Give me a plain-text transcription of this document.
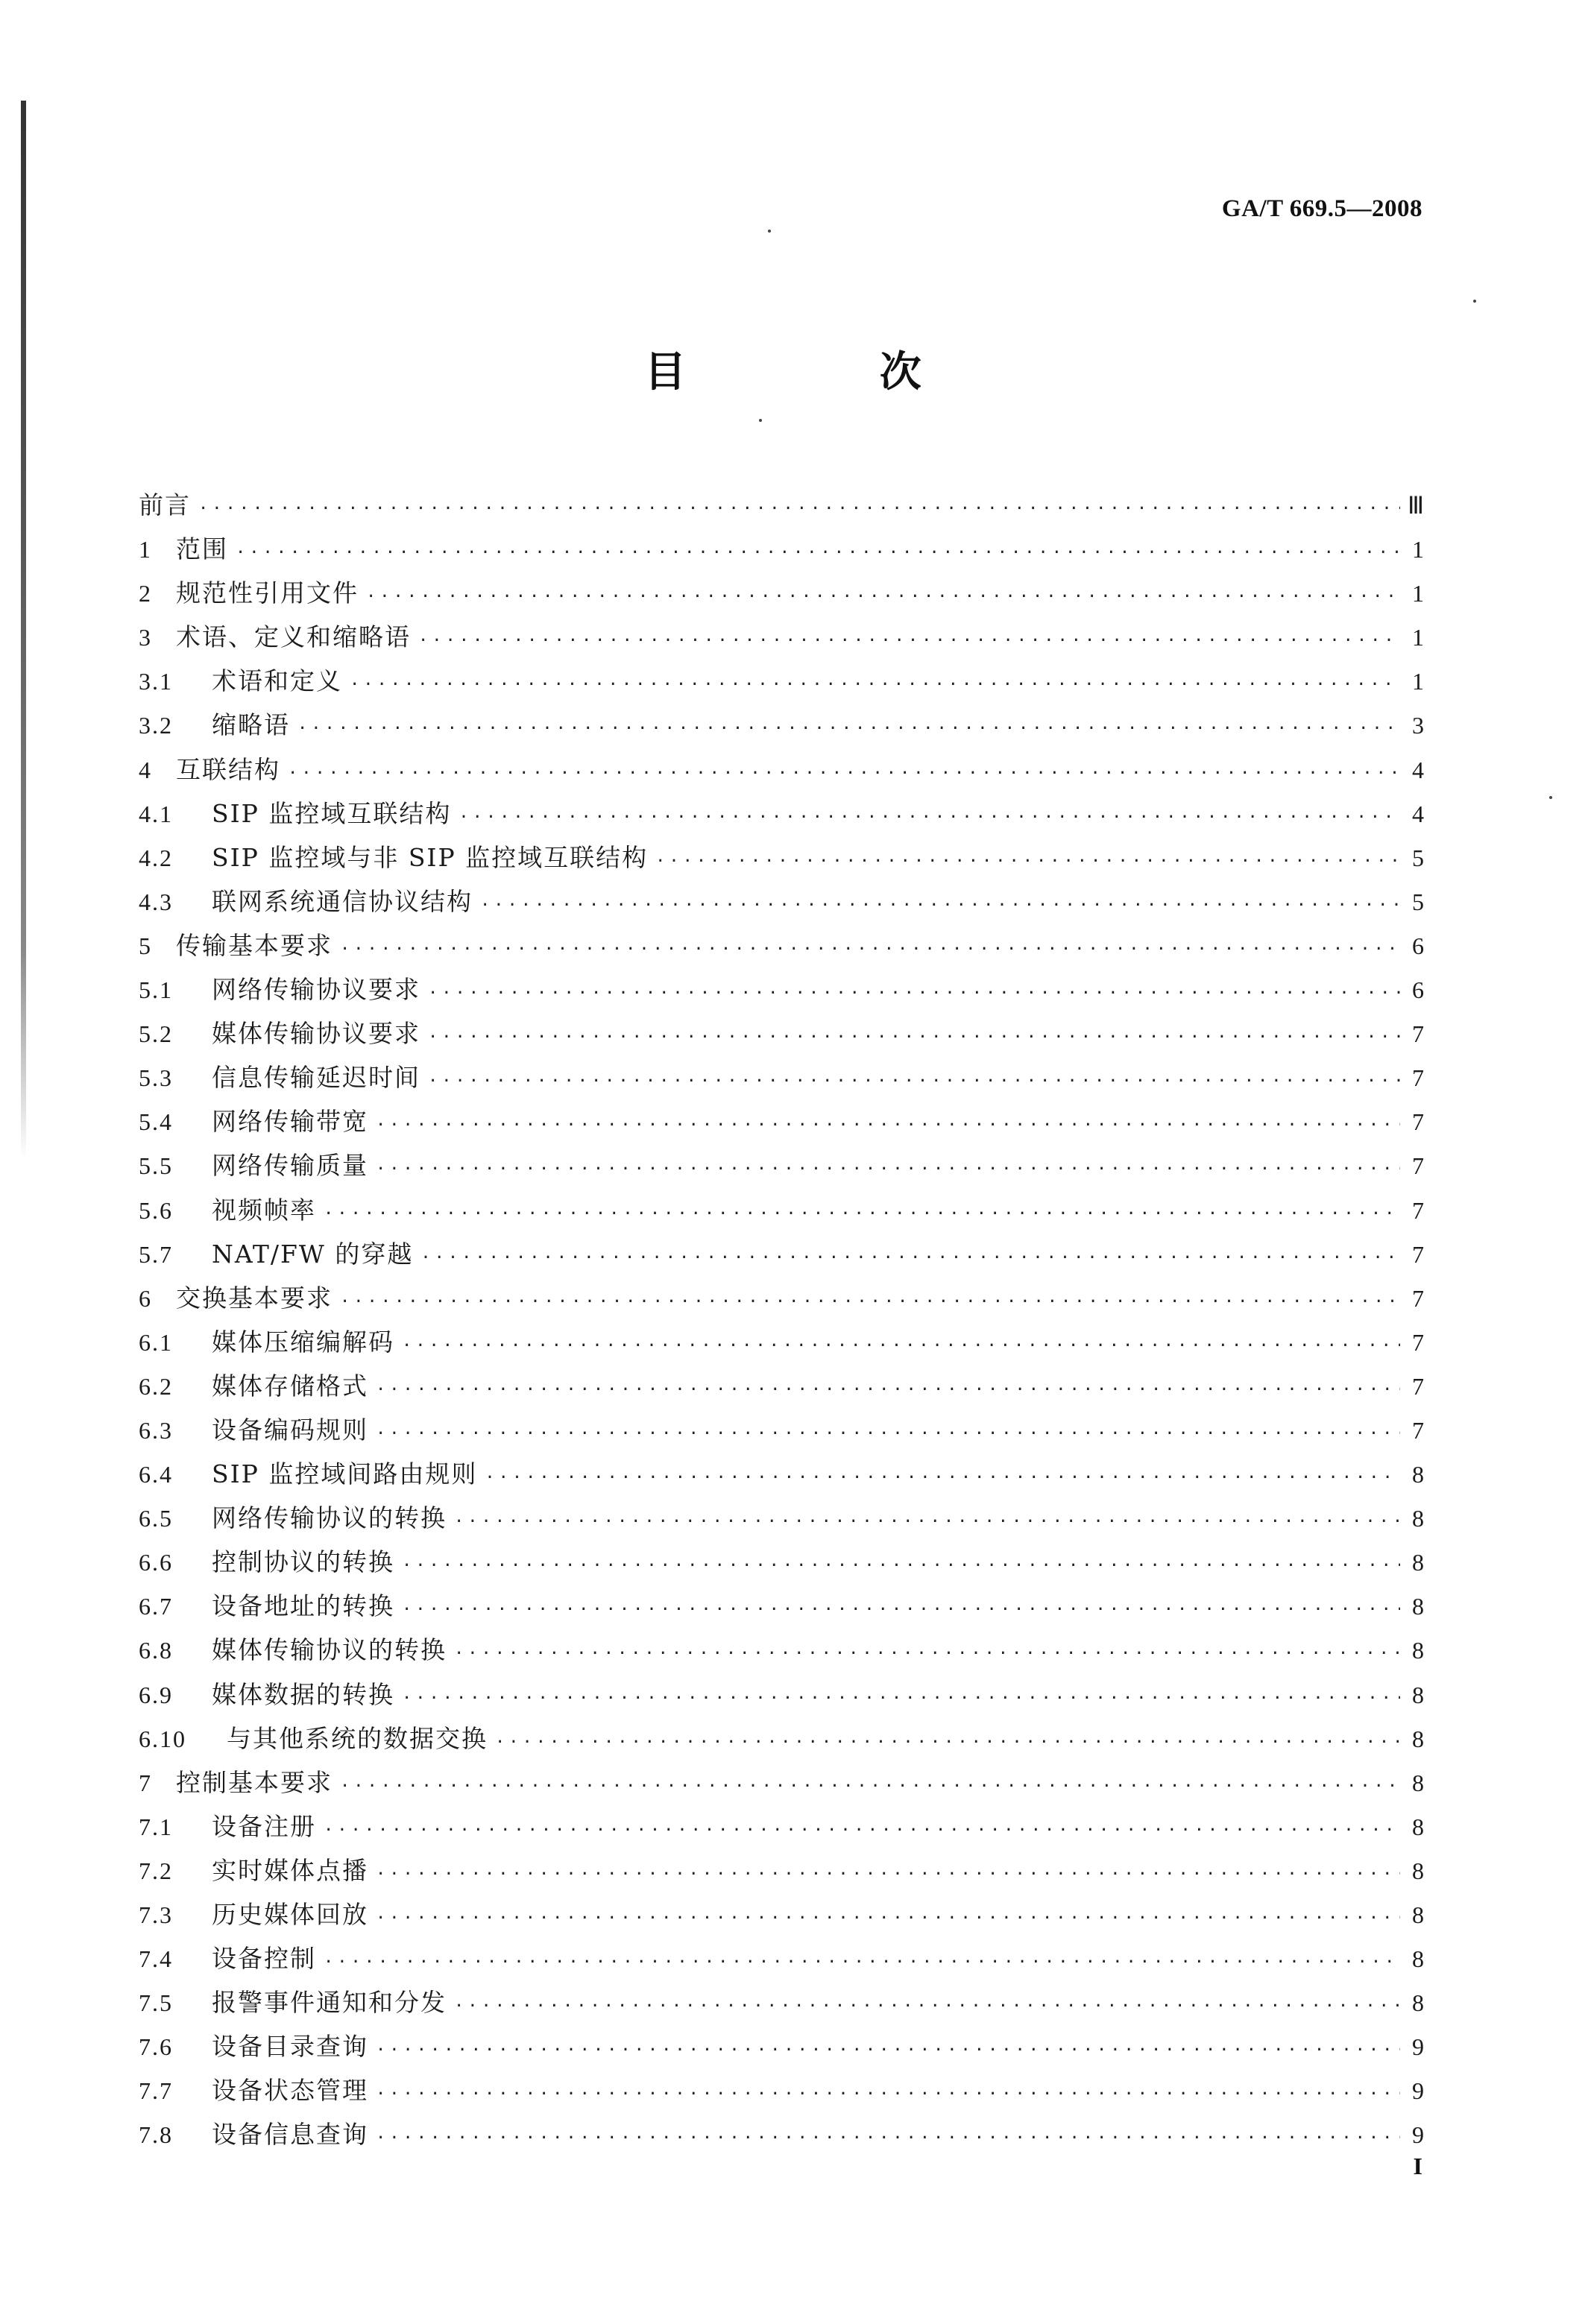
GA/T 669.5—2008
目 次
前言 ·····	Ⅲ
1 范围 ·····	1
2 规范性引用文件 ·····	1
3 术语、定义和缩略语 ·····	1
3.1	术语和定义 ·····	1
3.2	缩略语 ·····	3
4 互联结构 ·····	4
4.1	SIP 监控域互联结构 ·····	4
4.2	SIP 监控域与非 SIP 监控域互联结构 ·····	5
4.3	联网系统通信协议结构 ·····	5
5 传输基本要求 ·····	6
5.1	网络传输协议要求 ·····	6
5.2	媒体传输协议要求 ·····	7
5.3	信息传输延迟时间 ·····	7
5.4	网络传输带宽 ·····	7
5.5	网络传输质量 ·····	7
5.6	视频帧率 ·····	7
5.7	NAT/FW 的穿越 ·····	7
6 交换基本要求 ·····	7
6.1	媒体压缩编解码 ·····	7
6.2	媒体存储格式 ·····	7
6.3	设备编码规则 ·····	7
6.4	SIP 监控域间路由规则 ·····	8
6.5	网络传输协议的转换 ·····	8
6.6	控制协议的转换 ·····	8
6.7	设备地址的转换 ·····	8
6.8	媒体传输协议的转换 ·····	8
6.9	媒体数据的转换 ·····	8
6.10	与其他系统的数据交换 ·····	8
7 控制基本要求 ·····	8
7.1	设备注册 ·····	8
7.2	实时媒体点播 ·····	8
7.3	历史媒体回放 ·····	8
7.4	设备控制 ·····	8
7.5	报警事件通知和分发 ·····	8
7.6	设备目录查询 ·····	9
7.7	设备状态管理 ·····	9
7.8	设备信息查询 ·····	9
I
